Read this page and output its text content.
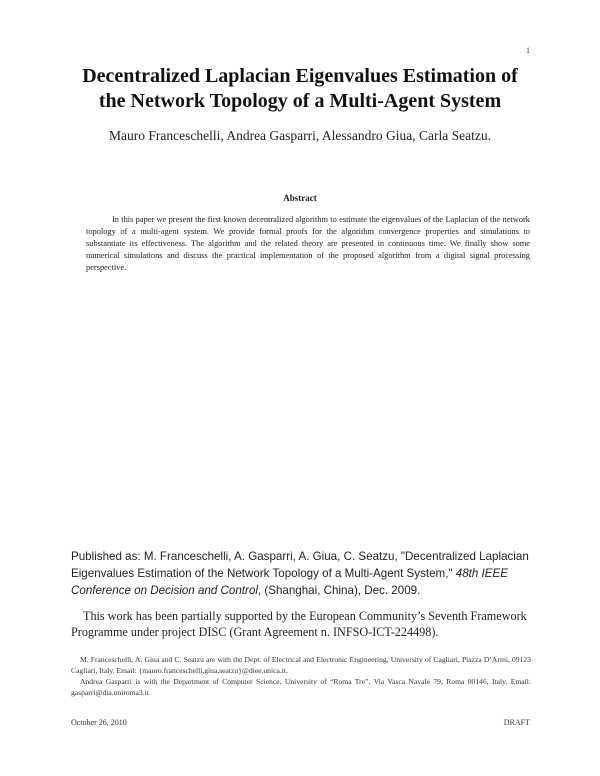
1
Decentralized Laplacian Eigenvalues Estimation of
the Network Topology of a Multi-Agent System
Mauro Franceschelli, Andrea Gasparri, Alessandro Giua, Carla Seatzu.
Abstract
In this paper we present the first known decentralized algorithm to estimate the eigenvalues of the Laplacian of the network topology of a multi-agent system. We provide formal proofs for the algorithm convergence properties and simulations to substantiate its effectiveness. The algorithm and the related theory are presented in continuous time. We finally show some numerical simulations and discuss the practical implementation of the proposed algorithm from a digital signal processing perspective.
Published as: M. Franceschelli, A. Gasparri, A. Giua, C. Seatzu, "Decentralized Laplacian Eigenvalues Estimation of the Network Topology of a Multi-Agent System," 48th IEEE Conference on Decision and Control, (Shanghai, China), Dec. 2009.
This work has been partially supported by the European Community’s Seventh Framework Programme under project DISC (Grant Agreement n. INFSO-ICT-224498).

M. Franceschelli, A. Giua and C. Seatzu are with the Dept. of Electrical and Electronic Engineering, University of Cagliari, Piazza D’Armi, 09123 Cagliari, Italy. Email: {mauro.franceschelli,giua,seatzu}@diee.unica.it.

Andrea Gasparri is with the Department of Computer Science, University of “Roma Tre”, Via Vasca Navale 79, Roma 00146, Italy. Email: gasparri@dia.uniroma3.it.

October 26, 2010	DRAFT
